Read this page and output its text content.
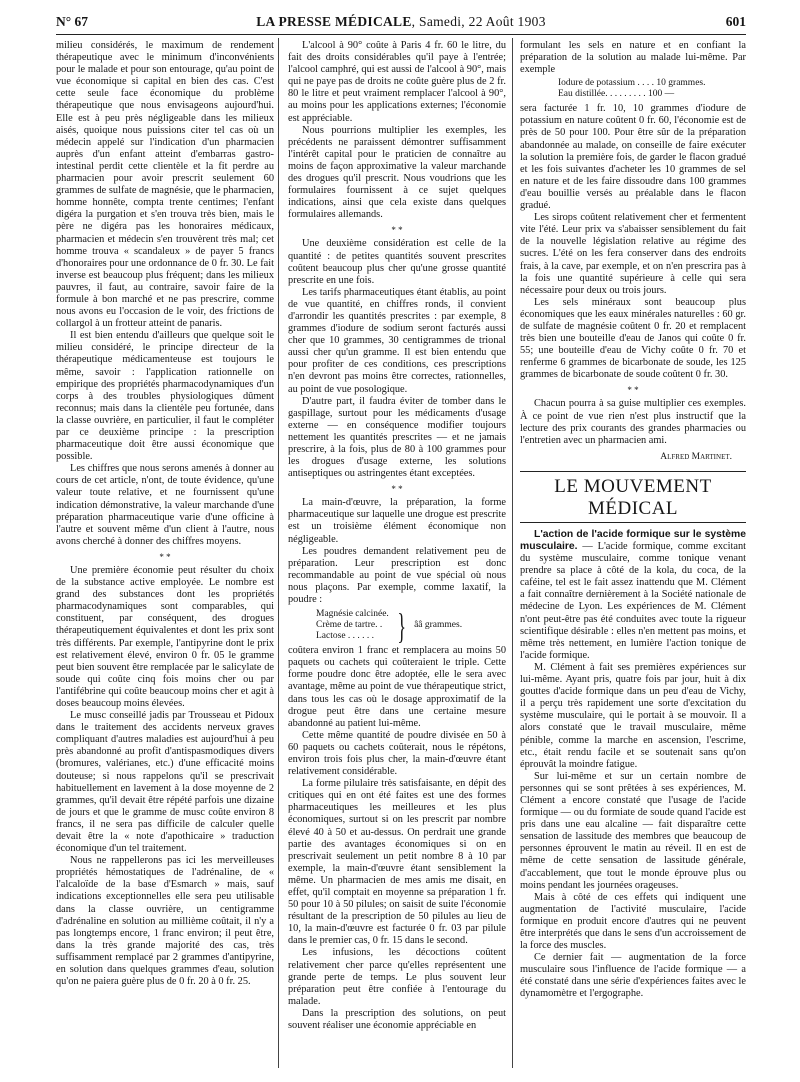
N° 67	LA PRESSE MÉDICALE, Samedi, 22 Août 1903	601

milieu considérés, le maximum de rendement thérapeutique avec le minimum d'inconvénients pour le malade et pour son entourage, qu'au point de vue économique si capital en bien des cas. C'est cette seule face économique du problème thérapeutique que nous envisageons aujourd'hui. Elle est à peu près négligeable dans les milieux aisés, quoique nous puissions citer tel cas où un médecin appelé sur l'indication d'un pharmacien auprès d'un enfant atteint d'embarras gastro-intestinal perdit cette clientèle et la fit perdre au pharmacien pour avoir prescrit seulement 60 grammes de sulfate de magnésie, que le pharmacien, homme honnête, compta trente centimes; l'enfant digéra la purgation et s'en trouva très bien, mais le père ne digéra pas les honoraires médicaux, pharmacien et médecin s'en trouvèrent très mal; cet homme trouva « scandaleux » de payer 5 francs d'honoraires pour une ordonnance de 0 fr. 30. Le fait inverse est beaucoup plus fréquent; dans les milieux pauvres, il faut, au contraire, savoir faire de la formule à bon marché et ne pas prescrire, comme nous avons eu l'occasion de le voir, des frictions de collargol à un frotteur atteint de panaris.

Il est bien entendu d'ailleurs que quelque soit le milieu considéré, le principe directeur de la thérapeutique médicamenteuse est toujours le même, savoir : l'application rationnelle on empirique des propriétés pharmacodynamiques d'un corps à des troubles physiologiques dûment reconnus; mais dans la clientèle peu fortunée, dans la classe ouvrière, en particulier, il faut le compléter par ce deuxième principe : la prescription pharmaceutique doit être aussi économique que possible.

Les chiffres que nous serons amenés à donner au cours de cet article, n'ont, de toute évidence, qu'une valeur toute relative, et ne fournissent qu'une indication démonstrative, la valeur marchande d'une préparation pharmaceutique varie d'une officine à l'autre et souvent même d'un client à l'autre, nous avons cherché à donner des chiffres moyens.

* *

Une première économie peut résulter du choix de la substance active employée. Le nombre est grand des substances dont les propriétés pharmacodynamiques sont comparables, qui constituent, par conséquent, des drogues thérapeutiquement équivalentes et dont les prix sont très différents. Par exemple, l'antipyrine dont le prix est relativement élevé, environ 0 fr. 05 le gramme peut bien souvent être remplacée par le salicylate de soude qui coûte cinq fois moins cher ou par l'antifébrine qui coûte beaucoup moins cher et agit à doses beaucoup moins élevées.

Le musc conseillé jadis par Trousseau et Pidoux dans le traitement des accidents nerveux graves compliquant d'autres maladies est aujourd'hui à peu près abandonné au profit d'antispasmodiques divers (bromures, valérianes, etc.) d'une efficacité moins douteuse; si nous rappelons qu'il se prescrivait habituellement en lavement à la dose moyenne de 2 grammes, qu'il devait être répété parfois une dizaine de jours et que le gramme de musc coûte environ 8 francs, il ne sera pas difficile de calculer quelle devait être la « note d'apothicaire » traduction économique d'un tel traitement.

Nous ne rappellerons pas ici les merveilleuses propriétés hémostatiques de l'adrénaline, de « l'alcaloïde de la base d'Esmarch » mais, sauf indications exceptionnelles elle sera peu utilisable dans la classe ouvrière, un centigramme d'adrénaline en solution au millième coûtait, il n'y a pas longtemps encore, 1 franc environ; il peut être, dans la très grande majorité des cas, très suffisamment remplacé par 2 grammes d'antipyrine, en solution dans quelques grammes d'eau, solution qu'on ne paiera guère plus de 0 fr. 20 à 0 fr. 25.

L'alcool à 90° coûte à Paris 4 fr. 60 le litre, du fait des droits considérables qu'il paye à l'entrée; l'alcool camphré, qui est aussi de l'alcool à 90°, mais qui ne paye pas de droits ne coûte guère plus de 2 fr. 80 le litre et peut vraiment remplacer l'alcool à 90°, au moins pour les applications externes; l'économie est appréciable.

Nous pourrions multiplier les exemples, les précédents ne paraissent démontrer suffisamment l'intérêt capital pour le praticien de connaître au moins de façon approximative la valeur marchande des drogues qu'il prescrit. Nous voudrions que les formulaires fournissent à ce sujet quelques indications, ainsi que cela existe dans quelques formulaires allemands.

* *

Une deuxième considération est celle de la quantité : de petites quantités souvent prescrites coûtent beaucoup plus cher qu'une grosse quantité prescrite en une fois.

Les tarifs pharmaceutiques étant établis, au point de vue quantité, en chiffres ronds, il convient d'arrondir les quantités prescrites : par exemple, 8 grammes d'iodure de sodium seront facturés aussi cher que 10 grammes, 30 centigrammes de trional aussi cher qu'un gramme. Il est bien entendu que pour profiter de ces conditions, ces prescriptions n'en devront pas moins être correctes, rationnelles, au point de vue posologique.

D'autre part, il faudra éviter de tomber dans le gaspillage, surtout pour les médicaments d'usage externe — en conséquence modifier toujours nettement les quantités prescrites — et ne jamais prescrire, à la fois, plus de 80 à 100 grammes pour les drogues d'usage externe, les solutions antiseptiques ou astringentes étant exceptées.

* *

La main-d'œuvre, la préparation, la forme pharmaceutique sur laquelle une drogue est prescrite est un troisième élément économique non négligeable.

Les poudres demandent relativement peu de préparation. Leur prescription est donc recommandable au point de vue spécial où nous nous plaçons. Par exemple, comme laxatif, la poudre :

Magnésie calcinée.
Crème de tartre. .
Lactose . . . . . . } ââ grammes.

coûtera environ 1 franc et remplacera au moins 50 paquets ou cachets qui coûteraient le triple. Cette forme poudre donc être adoptée, elle le sera avec avantage, même au point de vue thérapeutique strict, dans tous les cas où le dosage approximatif de la drogue peut être dans une certaine mesure abandonné au patient lui-même.

Cette même quantité de poudre divisée en 50 à 60 paquets ou cachets coûterait, nous le répétons, environ trois fois plus cher, la main-d'œuvre étant relativement considérable.

La forme pilulaire très satisfaisante, en dépit des critiques qui en ont été faites est une des formes pharmaceutiques les meilleures et les plus économiques, surtout si on les prescrit par nombre élevé 40 à 50 et au-dessus. On perdrait une grande partie des avantages économiques si on en prescrivait seulement un petit nombre 8 à 10 par exemple, la main-d'œuvre étant sensiblement la même. Un pharmacien de mes amis me disait, en effet, qu'il comptait en moyenne sa préparation 1 fr. 50 pour 10 à 50 pilules; on saisit de suite l'économie résultant de la prescription de 50 pilules au lieu de 10, la main-d'œuvre est facturée 0 fr. 03 par pilule dans le premier cas, 0 fr. 15 dans le second.

Les infusions, les décoctions coûtent relativement cher parce qu'elles représentent une grande perte de temps. Le plus souvent leur préparation peut être confiée à l'entourage du malade.

Dans la prescription des solutions, on peut souvent réaliser une économie appréciable en

formulant les sels en nature et en confiant la préparation de la solution au malade lui-même. Par exemple

Iodure de potassium . . . . 10 grammes.
Eau distillée. . . . . . . . . 100 —

sera facturée 1 fr. 10, 10 grammes d'iodure de potassium en nature coûtent 0 fr. 60, l'économie est de près de 50 pour 100. Pour être sûr de la préparation abandonnée au malade, on conseille de faire exécuter la solution la première fois, de garder le flacon gradué et les fois suivantes d'acheter les 10 grammes de sel en nature et de les faire dissoudre dans 100 grammes d'eau bouillie versés au préalable dans le flacon gradué.

Les sirops coûtent relativement cher et fermentent vite l'été. Leur prix va s'abaisser sensiblement du fait de la nouvelle législation relative au régime des sucres. L'été on les fera conserver dans des endroits frais, à la cave, par exemple, et on n'en prescrira pas à la fois une quantité supérieure à celle qui sera nécessaire pour deux ou trois jours.

Les sels minéraux sont beaucoup plus économiques que les eaux minérales naturelles : 60 gr. de sulfate de magnésie coûtent 0 fr. 20 et remplacent très bien une bouteille d'eau de Janos qui coûte 0 fr. 55; une bouteille d'eau de Vichy coûte 0 fr. 70 et renferme 6 grammes de bicarbonate de soude, les 125 grammes de bicarbonate de soude coûtent 0 fr. 30.

* *

Chacun pourra à sa guise multiplier ces exemples. À ce point de vue rien n'est plus instructif que la lecture des prix courants des grandes pharmacies ou l'entretien avec un pharmacien ami.

Alfred Martinet.
LE MOUVEMENT MÉDICAL

L'action de l'acide formique sur le système musculaire. — L'acide formique, comme excitant du système musculaire, comme tonique venant prendre sa place à côté de la kola, du coca, de la caféine, tel est le fait assez inattendu que M. Clément a fait connaître dernièrement à la Société nationale de médecine de Lyon. Les expériences de M. Clément n'ont peut-être pas été conduites avec toute la rigueur scientifique désirable : elles n'en mettent pas moins, et même très nettement, en lumière l'action tonique de l'acide formique.

M. Clément à fait ses premières expériences sur lui-même. Ayant pris, quatre fois par jour, huit à dix gouttes d'acide formique dans un peu d'eau de Vichy, il a perçu très rapidement une sorte d'excitation du système musculaire, qui le portait à se mouvoir. Il a alors constaté que le travail musculaire, même pénible, comme la marche en ascension, l'escrime, etc., était rendu facile et se soutenait sans qu'on éprouvât la moindre fatigue.

Sur lui-même et sur un certain nombre de personnes qui se sont prêtées à ses expériences, M. Clément a encore constaté que l'usage de l'acide formique — ou du formiate de soude quand l'acide est pris dans une eau alcaline — fait disparaître cette sensation de lassitude des membres que beaucoup de personnes éprouvent le matin au réveil. Il en est de même de cette sensation de lassitude générale, d'accablement, que tout le monde éprouve plus ou moins pendant les journées orageuses.

Mais à côté de ces effets qui indiquent une augmentation de l'activité musculaire, l'acide formique en produit encore d'autres qui ne peuvent être interprétés que dans le sens d'un accroissement de la force des muscles.

Ce dernier fait — augmentation de la force musculaire sous l'influence de l'acide formique — a été constaté dans une série d'expériences faites avec le dynamomètre et l'ergographe.
